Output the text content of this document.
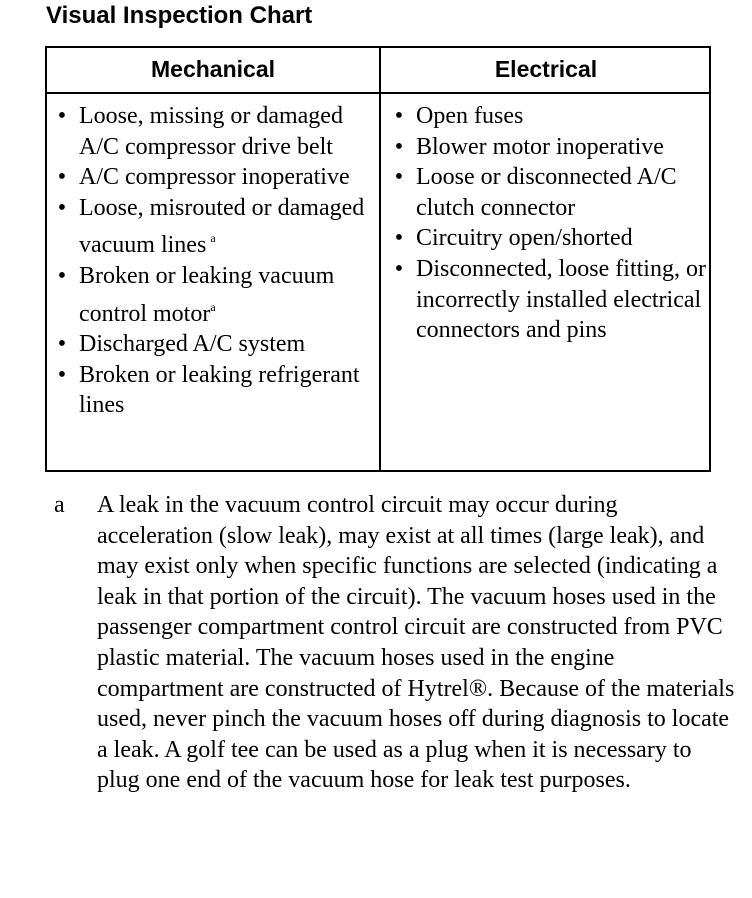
Visual Inspection Chart
Mechanical	Electrical
• Loose, missing or damaged A/C compressor drive belt
• A/C compressor inoperative
• Loose, misrouted or damaged vacuum lines $^a$
• Broken or leaking vacuum control motor$^a$
• Discharged A/C system
• Broken or leaking refrigerant lines
• Open fuses
• Blower motor inoperative
• Loose or disconnected A/C clutch connector
• Circuitry open/shorted
• Disconnected, loose fitting, or incorrectly installed electrical connectors and pins
a A leak in the vacuum control circuit may occur during acceleration (slow leak), may exist at all times (large leak), and may exist only when specific functions are selected (indicating a leak in that portion of the circuit). The vacuum hoses used in the passenger compartment control circuit are constructed from PVC plastic material. The vacuum hoses used in the engine compartment are constructed of Hytrel®. Because of the materials used, never pinch the vacuum hoses off during diagnosis to locate a leak. A golf tee can be used as a plug when it is necessary to plug one end of the vacuum hose for leak test purposes.
